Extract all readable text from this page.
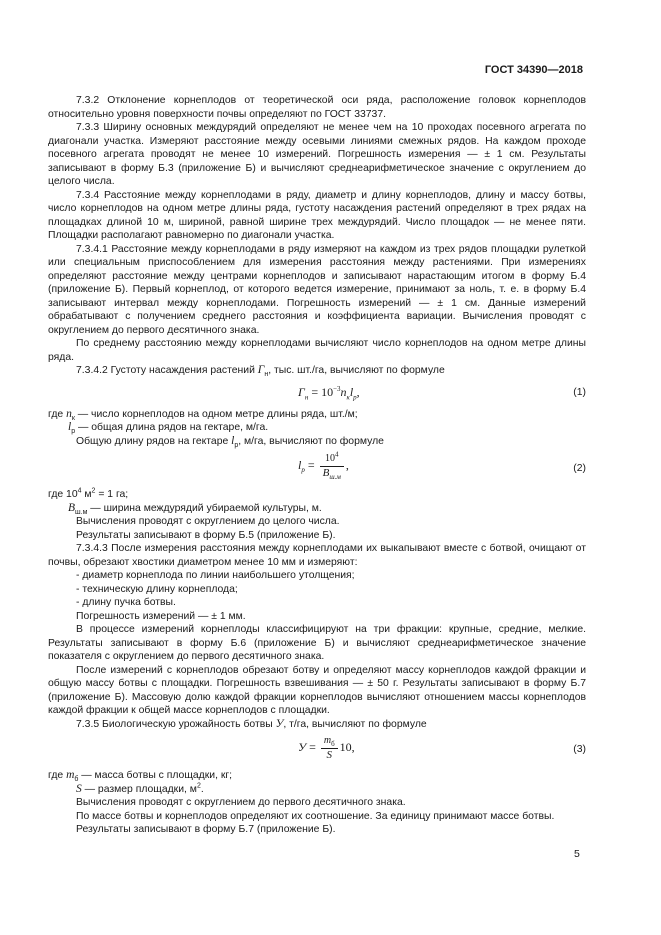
ГОСТ 34390—2018

7.3.2 Отклонение корнеплодов от теоретической оси ряда, расположение головок корнеплодов относительно уровня поверхности почвы определяют по ГОСТ 33737.

7.3.3 Ширину основных междурядий определяют не менее чем на 10 проходах посевного агрегата по диагонали участка. Измеряют расстояние между осевыми линиями смежных рядов. На каждом проходе посевного агрегата проводят не менее 10 измерений. Погрешность измерения — ± 1 см. Результаты записывают в форму Б.3 (приложение Б) и вычисляют среднеарифметическое значение с округлением до целого числа.

7.3.4 Расстояние между корнеплодами в ряду, диаметр и длину корнеплодов, длину и массу ботвы, число корнеплодов на одном метре длины ряда, густоту насаждения растений определяют в трех рядах на площадках длиной 10 м, шириной, равной ширине трех междурядий. Число площадок — не менее пяти. Площадки располагают равномерно по диагонали участка.

7.3.4.1 Расстояние между корнеплодами в ряду измеряют на каждом из трех рядов площадки рулеткой или специальным приспособлением для измерения расстояния между растениями. При измерениях определяют расстояние между центрами корнеплодов и записывают нарастающим итогом в форму Б.4 (приложение Б). Первый корнеплод, от которого ведется измерение, принимают за ноль, т. е. в форму Б.4 записывают интервал между корнеплодами. Погрешность измерений — ± 1 см. Данные измерений обрабатывают с получением среднего расстояния и коэффициента вариации. Вычисления проводят с округлением до первого десятичного знака.

По среднему расстоянию между корнеплодами вычисляют число корнеплодов на одном метре длины ряда.

7.3.4.2 Густоту насаждения растений $Г_н$, тыс. шт./га, вычисляют по формуле

$Г_н = 10^{-3}n_кl_р$,	(1)

где $n_к$ — число корнеплодов на одном метре длины ряда, шт./м;

$l_р$ — общая длина рядов на гектаре, м/га.

Общую длину рядов на гектаре $l_р$, м/га, вычисляют по формуле

$l_р = \frac{10^4}{В_{ш.м}}$ ,	(2)

где $10^4$ $м^2 = 1$ га;

$В_{ш.м}$ — ширина междурядий убираемой культуры, м.

Вычисления проводят с округлением до целого числа.

Результаты записывают в форму Б.5 (приложение Б).

7.3.4.3 После измерения расстояния между корнеплодами их выкапывают вместе с ботвой, очищают от почвы, обрезают хвостики диаметром менее 10 мм и измеряют:

- диаметр корнеплода по линии наибольшего утолщения;

- техническую длину корнеплода;

- длину пучка ботвы.

Погрешность измерений — ± 1 мм.

В процессе измерений корнеплоды классифицируют на три фракции: крупные, средние, мелкие. Результаты записывают в форму Б.6 (приложение Б) и вычисляют среднеарифметическое значение показателя с округлением до первого десятичного знака.

После измерений с корнеплодов обрезают ботву и определяют массу корнеплодов каждой фракции и общую массу ботвы с площадки. Погрешность взвешивания — ± 50 г. Результаты записывают в форму Б.7 (приложение Б). Массовую долю каждой фракции корнеплодов вычисляют отношением массы корнеплодов каждой фракции к общей массе корнеплодов с площадки.

7.3.5 Биологическую урожайность ботвы У, т/га, вычисляют по формуле

$У = \frac{m_б}{S} 10$,	(3)

где $m_б$ — масса ботвы с площадки, кг;

S — размер площадки, $м^2$.

Вычисления проводят с округлением до первого десятичного знака.

По массе ботвы и корнеплодов определяют их соотношение. За единицу принимают массе ботвы.

Результаты записывают в форму Б.7 (приложение Б).

5
